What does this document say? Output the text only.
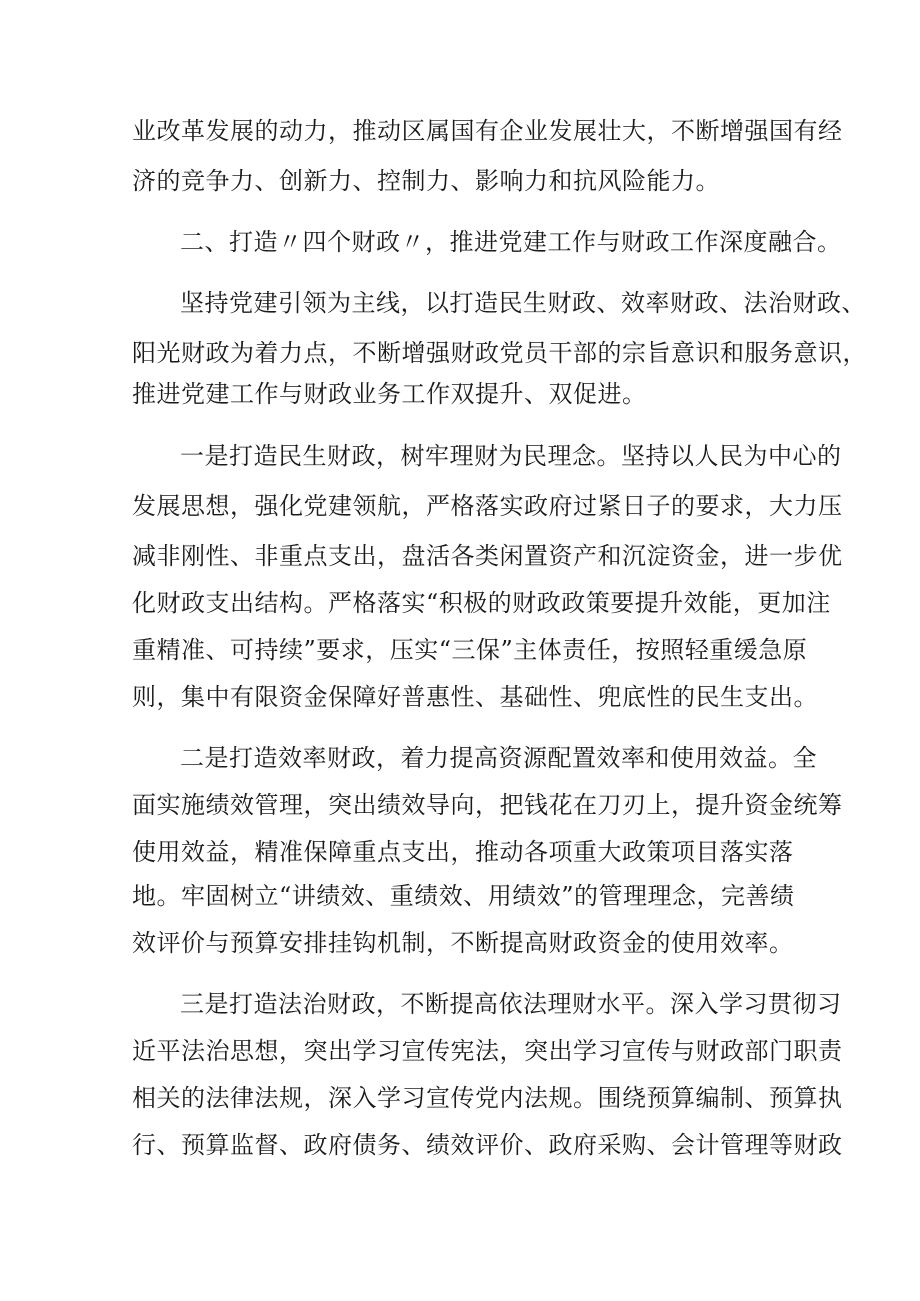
业改革发展的动力，推动区属国有企业发展壮大，不断增强国有经
济的竞争力、创新力、控制力、影响力和抗风险能力。
二、打造〃四个财政〃，推进党建工作与财政工作深度融合。
坚持党建引领为主线，以打造民生财政、效率财政、法治财政、
阳光财政为着力点，不断增强财政党员干部的宗旨意识和服务意识，
推进党建工作与财政业务工作双提升、双促进。
一是打造民生财政，树牢理财为民理念。坚持以人民为中心的
发展思想，强化党建领航，严格落实政府过紧日子的要求，大力压
减非刚性、非重点支出，盘活各类闲置资产和沉淀资金，进一步优
化财政支出结构。严格落实“积极的财政政策要提升效能，更加注
重精准、可持续”要求，压实“三保”主体责任，按照轻重缓急原
则，集中有限资金保障好普惠性、基础性、兜底性的民生支出。
二是打造效率财政，着力提高资源配置效率和使用效益。全
面实施绩效管理，突出绩效导向，把钱花在刀刃上，提升资金统筹
使用效益，精准保障重点支出，推动各项重大政策项目落实落
地。牢固树立“讲绩效、重绩效、用绩效”的管理理念，完善绩
效评价与预算安排挂钩机制，不断提高财政资金的使用效率。
三是打造法治财政，不断提高依法理财水平。深入学习贯彻习
近平法治思想，突出学习宣传宪法，突出学习宣传与财政部门职责
相关的法律法规，深入学习宣传党内法规。围绕预算编制、预算执
行、预算监督、政府债务、绩效评价、政府采购、会计管理等财政
